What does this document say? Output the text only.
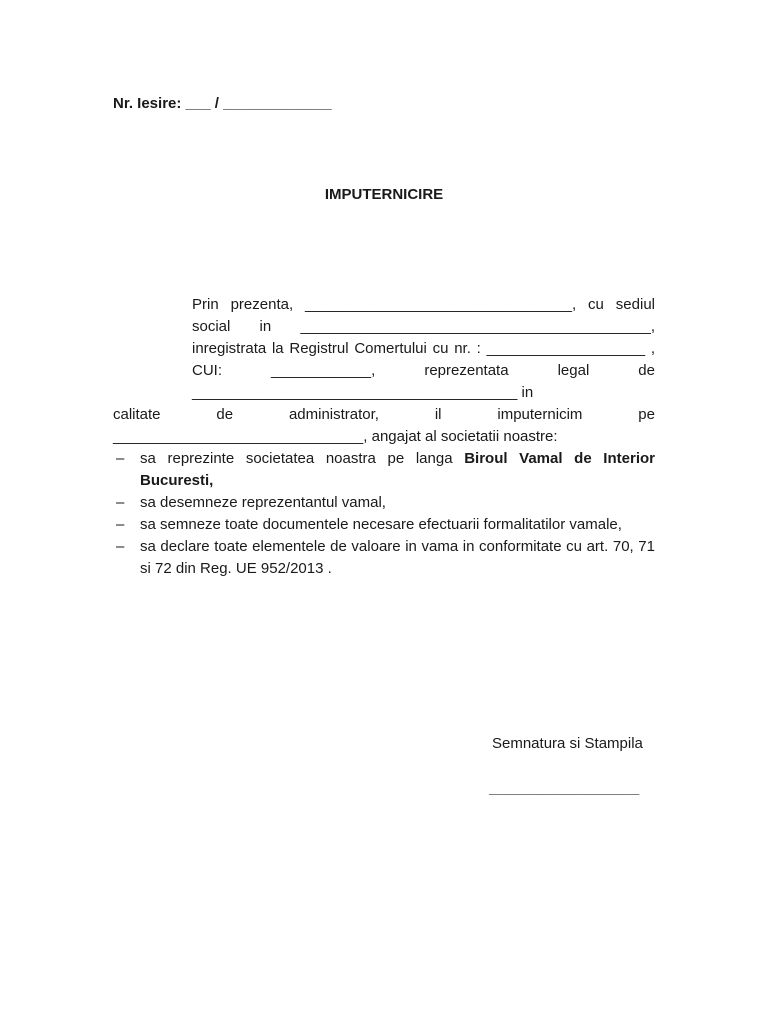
Nr. Iesire: ___ / _____________
IMPUTERNICIRE

Prin prezenta, ________________________________, cu sediul social in __________________________________________, inregistrata la Registrul Comertului cu nr. : ___________________ , CUI: ____________, reprezentata legal de _______________________________________ in

calitate	de	administrator,	il	imputernicim	pe

______________________________, angajat al societatii noastre:

– sa reprezinte societatea noastra pe langa Biroul Vamal de Interior Bucuresti,
– sa desemneze reprezentantul vamal,
– sa semneze toate documentele necesare efectuarii formalitatilor vamale,
– sa declare toate elementele de valoare in vama in conformitate cu art. 70, 71 si 72 din Reg. UE 952/2013 .
Semnatura si Stampila
__________________
